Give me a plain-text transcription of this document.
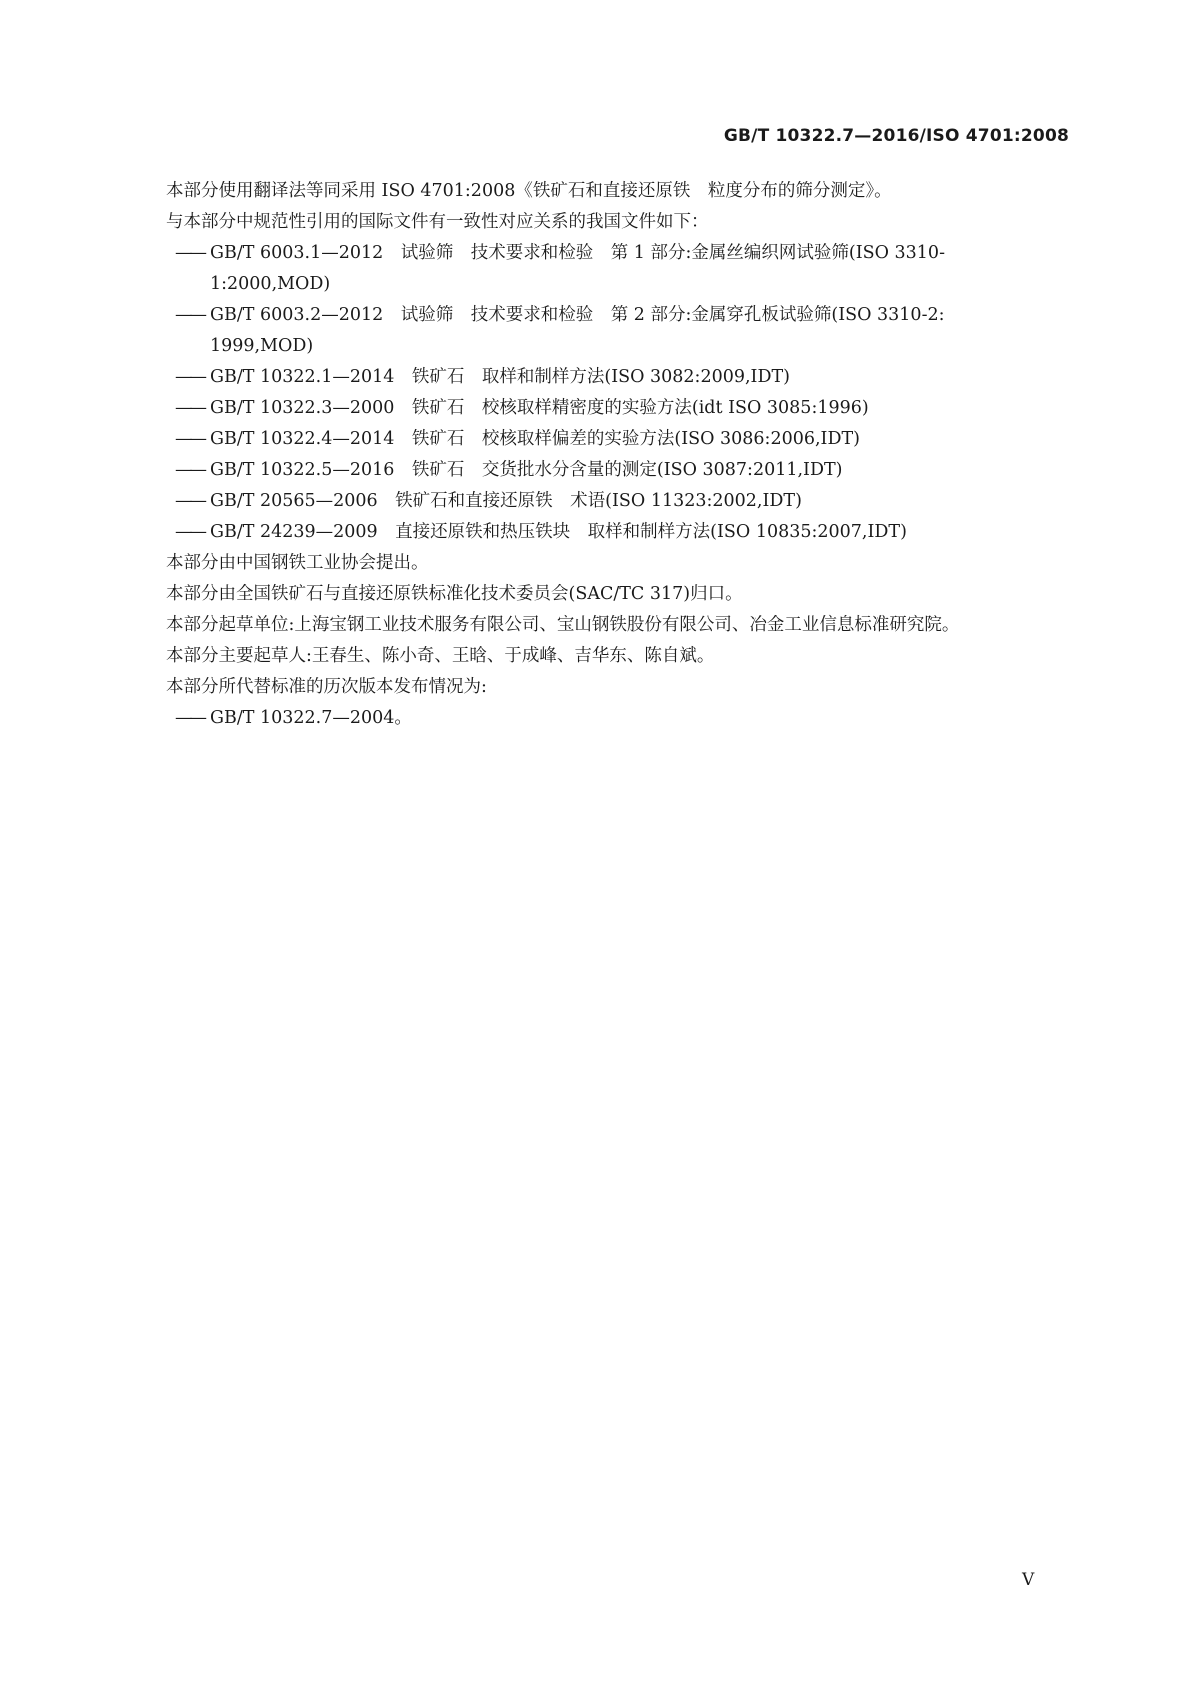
GB/T 10322.7—2016/ISO 4701:2008

本部分使用翻译法等同采用 ISO 4701:2008《铁矿石和直接还原铁　粒度分布的筛分测定》。

与本部分中规范性引用的国际文件有一致性对应关系的我国文件如下：

—— GB/T 6003.1—2012　试验筛　技术要求和检验　第 1 部分:金属丝编织网试验筛(ISO 3310-
1:2000,MOD)

—— GB/T 6003.2—2012　试验筛　技术要求和检验　第 2 部分:金属穿孔板试验筛(ISO 3310-2:
1999,MOD)

—— GB/T 10322.1—2014　铁矿石　取样和制样方法(ISO 3082:2009,IDT)

—— GB/T 10322.3—2000　铁矿石　校核取样精密度的实验方法(idt ISO 3085:1996)

—— GB/T 10322.4—2014　铁矿石　校核取样偏差的实验方法(ISO 3086:2006,IDT)

—— GB/T 10322.5—2016　铁矿石　交货批水分含量的测定(ISO 3087:2011,IDT)

—— GB/T 20565—2006　铁矿石和直接还原铁　术语(ISO 11323:2002,IDT)

—— GB/T 24239—2009　直接还原铁和热压铁块　取样和制样方法(ISO 10835:2007,IDT)

本部分由中国钢铁工业协会提出。

本部分由全国铁矿石与直接还原铁标准化技术委员会(SAC/TC 317)归口。

本部分起草单位:上海宝钢工业技术服务有限公司、宝山钢铁股份有限公司、冶金工业信息标准研究院。

本部分主要起草人:王春生、陈小奇、王晗、于成峰、吉华东、陈自斌。

本部分所代替标准的历次版本发布情况为:

—— GB/T 10322.7—2004。

V
